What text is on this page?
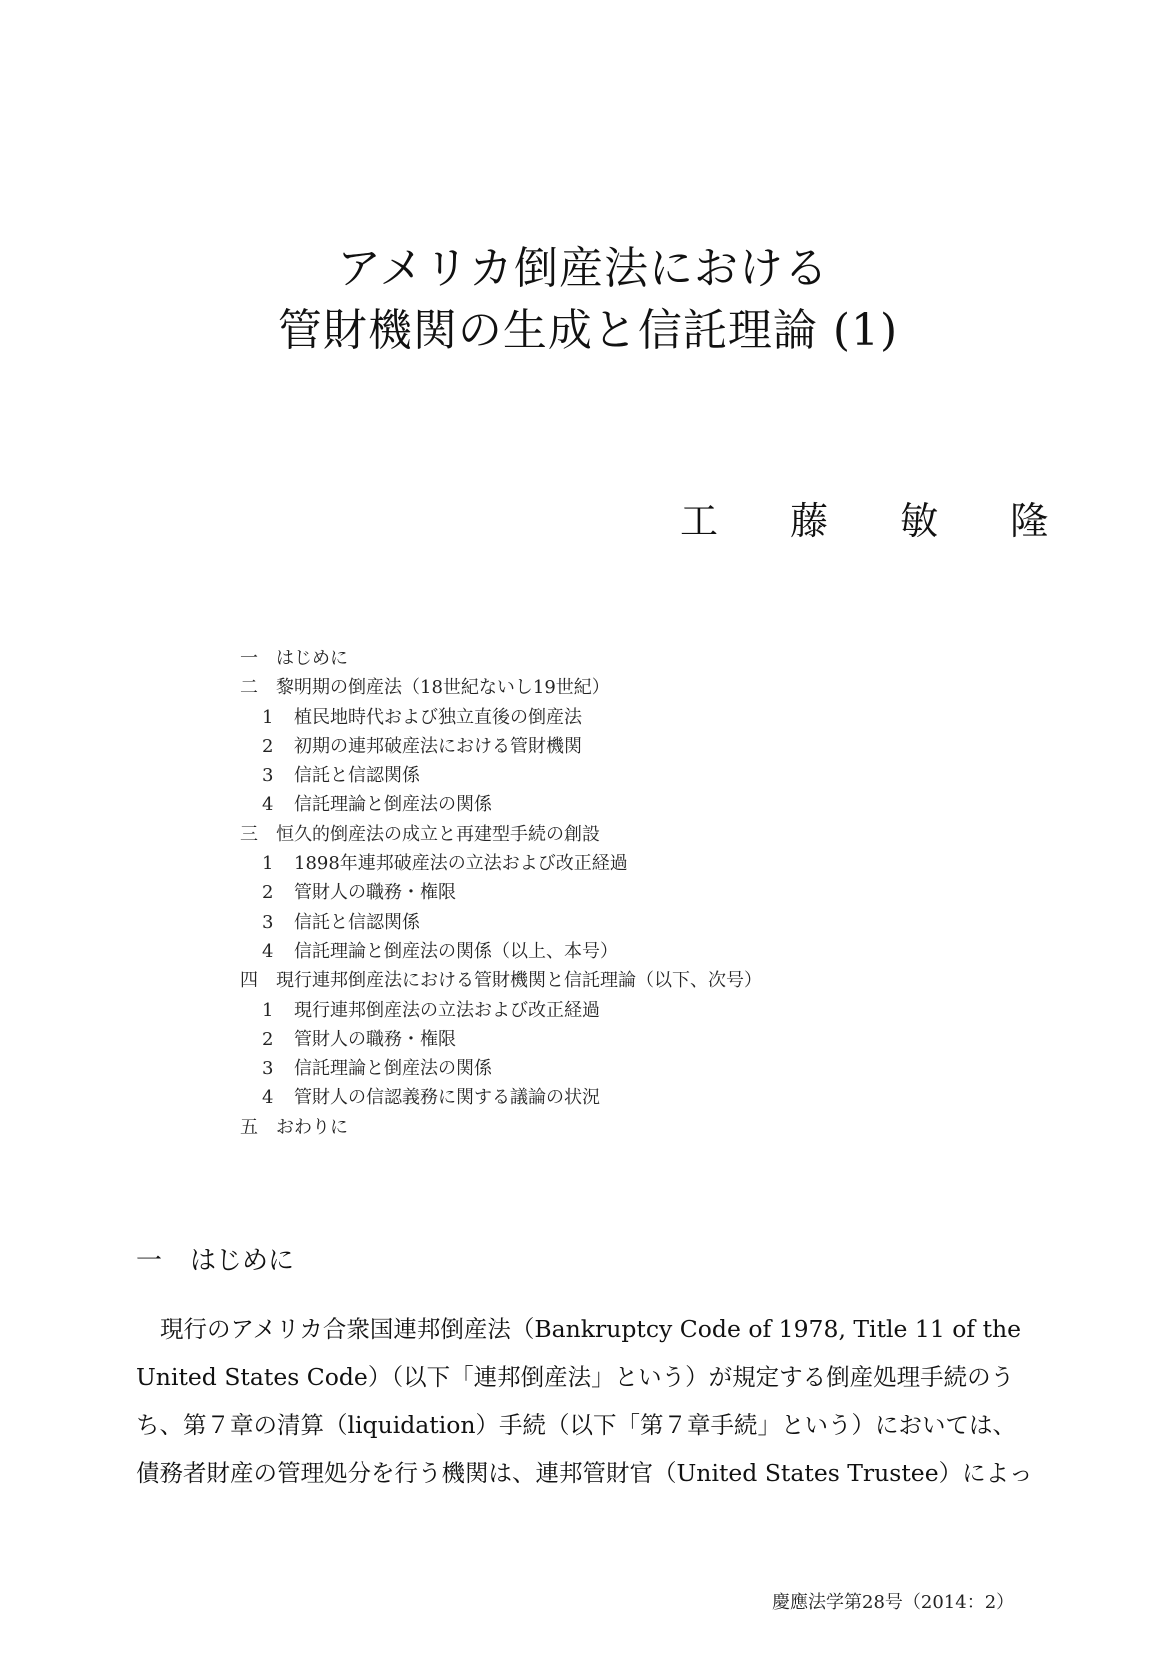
アメリカ倒産法における
管財機関の生成と信託理論 (1)
工 藤 敏 隆
一 はじめに
二 黎明期の倒産法（18世紀ないし19世紀）
1 植民地時代および独立直後の倒産法
2 初期の連邦破産法における管財機関
3 信託と信認関係
4 信託理論と倒産法の関係
三 恒久的倒産法の成立と再建型手続の創設
1 1898年連邦破産法の立法および改正経過
2 管財人の職務・権限
3 信託と信認関係
4 信託理論と倒産法の関係（以上、本号）
四 現行連邦倒産法における管財機関と信託理論（以下、次号）
1 現行連邦倒産法の立法および改正経過
2 管財人の職務・権限
3 信託理論と倒産法の関係
4 管財人の信認義務に関する議論の状況
五 おわりに
一 はじめに
現行のアメリカ合衆国連邦倒産法（Bankruptcy Code of 1978, Title 11 of the
United States Code）（以下「連邦倒産法」という）が規定する倒産処理手続のう
ち、第７章の清算（liquidation）手続（以下「第７章手続」という）においては、
債務者財産の管理処分を行う機関は、連邦管財官（United States Trustee）によっ
慶應法学第28号（2014：2）
